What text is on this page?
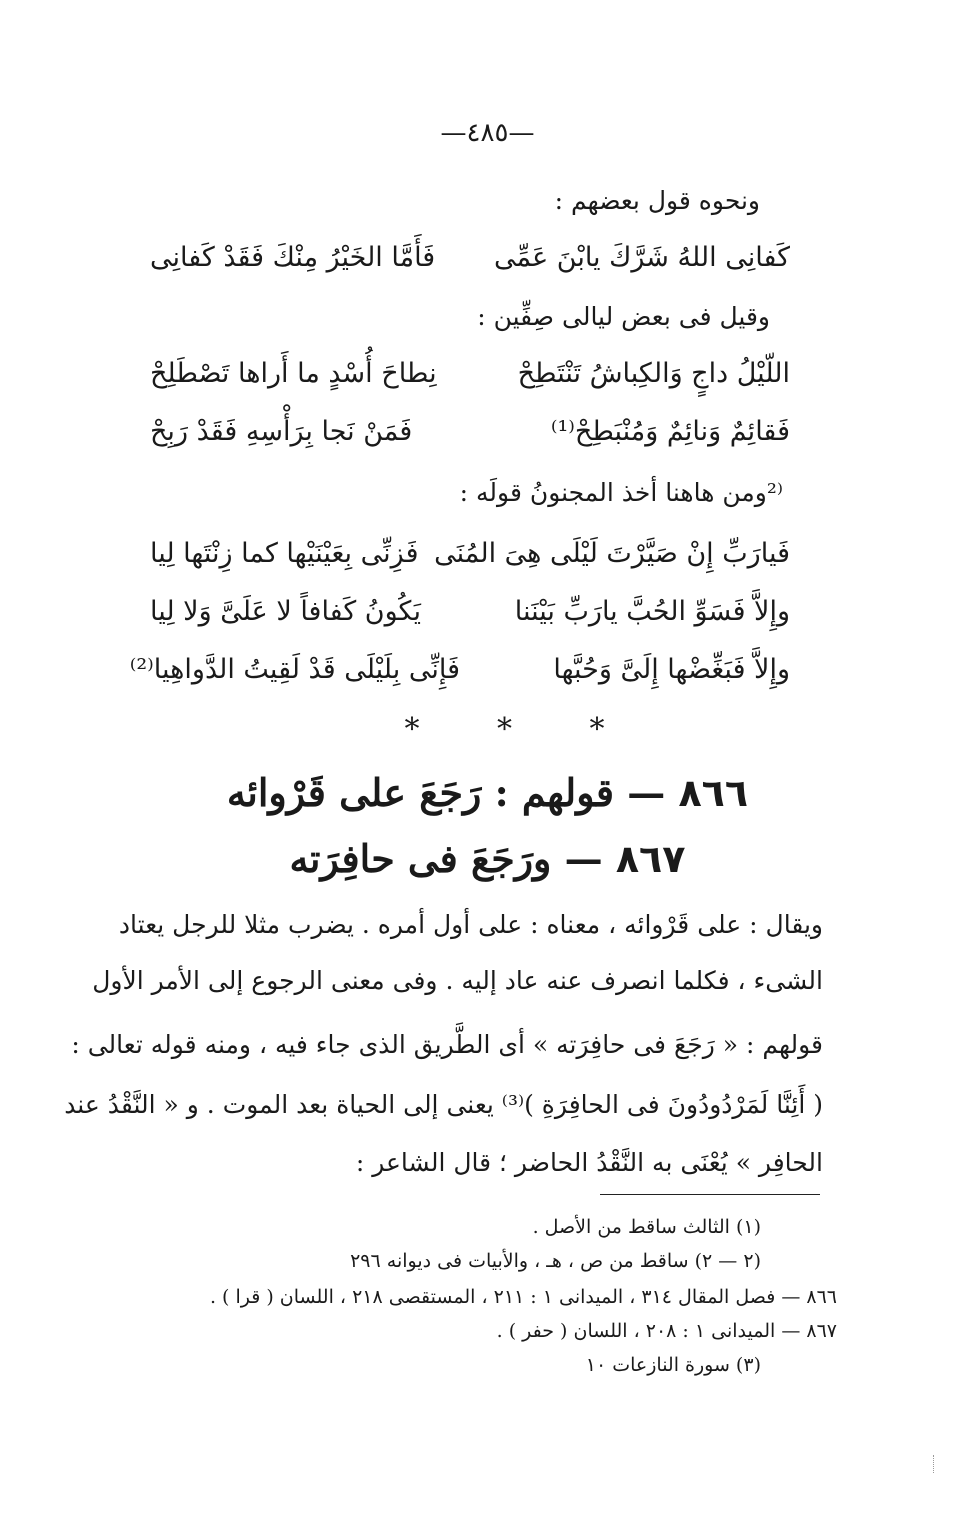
—٤٨٥—
ونحوه قول بعضهم :
كَفانِى اللهُ شَرَّكَ يابْنَ عَمِّى
فَأَمَّا الخَيْرُ مِنْكَ فَقَدْ كَفانِى
وقيل فى بعض ليالى صِفِّين :
اللّيْلُ داجٍ وَالكِباشُ تَنْتَطِحْ
نِطاحَ أُسْدٍ ما أَراها تَصْطَلِحْ
فَقائِمٌ وَنائِمٌ وَمُنْبَطِحْ⁽¹⁾
فَمَنْ نَجا بِرَأْسِهِ فَقَدْ رَبِحْ
⁽²ومن هاهنا أخذ المجنونُ قولَه :
فَيارَبِّ إِنْ صَيَّرْتَ لَيْلَى هِىَ المُنَى
فَزِنِّى بِعَيْنَيْها كما زِنْتَها لِيا
وإِلاَّ فَسَوِّ الحُبَّ يارَبِّ بَيْنَنا
يَكُونُ كَفافاً لا عَلَىَّ وَلا لِيا
وإِلاَّ فَبَغِّضْها إِلَىَّ وَحُبَّها
فَإِنِّى بِلَيْلَى قَدْ لَقِيتُ الدَّواهِيا⁽²⁾
* * *
٨٦٦ — قولهم : رَجَعَ على قَرْوائه
٨٦٧ — ورَجَعَ فى حافِرَته
ويقال : على قَرْوائه ، معناه : على أول أمره . يضرب مثلا للرجل يعتاد
الشىء ، فكلما انصرف عنه عاد إليه . وفى معنى الرجوع إلى الأمر الأول
قولهم : « رَجَعَ فى حافِرَته » أى الطَّريق الذى جاء فيه ، ومنه قوله تعالى :
( أَئِنَّا لَمَرْدُودُونَ فى الحافِرَةِ )⁽³⁾ يعنى إلى الحياة بعد الموت . و « النَّقْدُ عند
الحافِر » يُعْنَى به النَّقْدُ الحاضر ؛ قال الشاعر :
(١) الثالث ساقط من الأصل .
(٢ — ٢) ساقط من ص ، هـ ، والأبيات فى ديوانه ٢٩٦
٨٦٦ — فصل المقال ٣١٤ ، الميدانى ١ : ٢١١ ، المستقصى ٢١٨ ، اللسان ( قرا ) .
٨٦٧ — الميدانى ١ : ٢٠٨ ، اللسان ( حفر ) .
(٣) سورة النازعات ١٠
